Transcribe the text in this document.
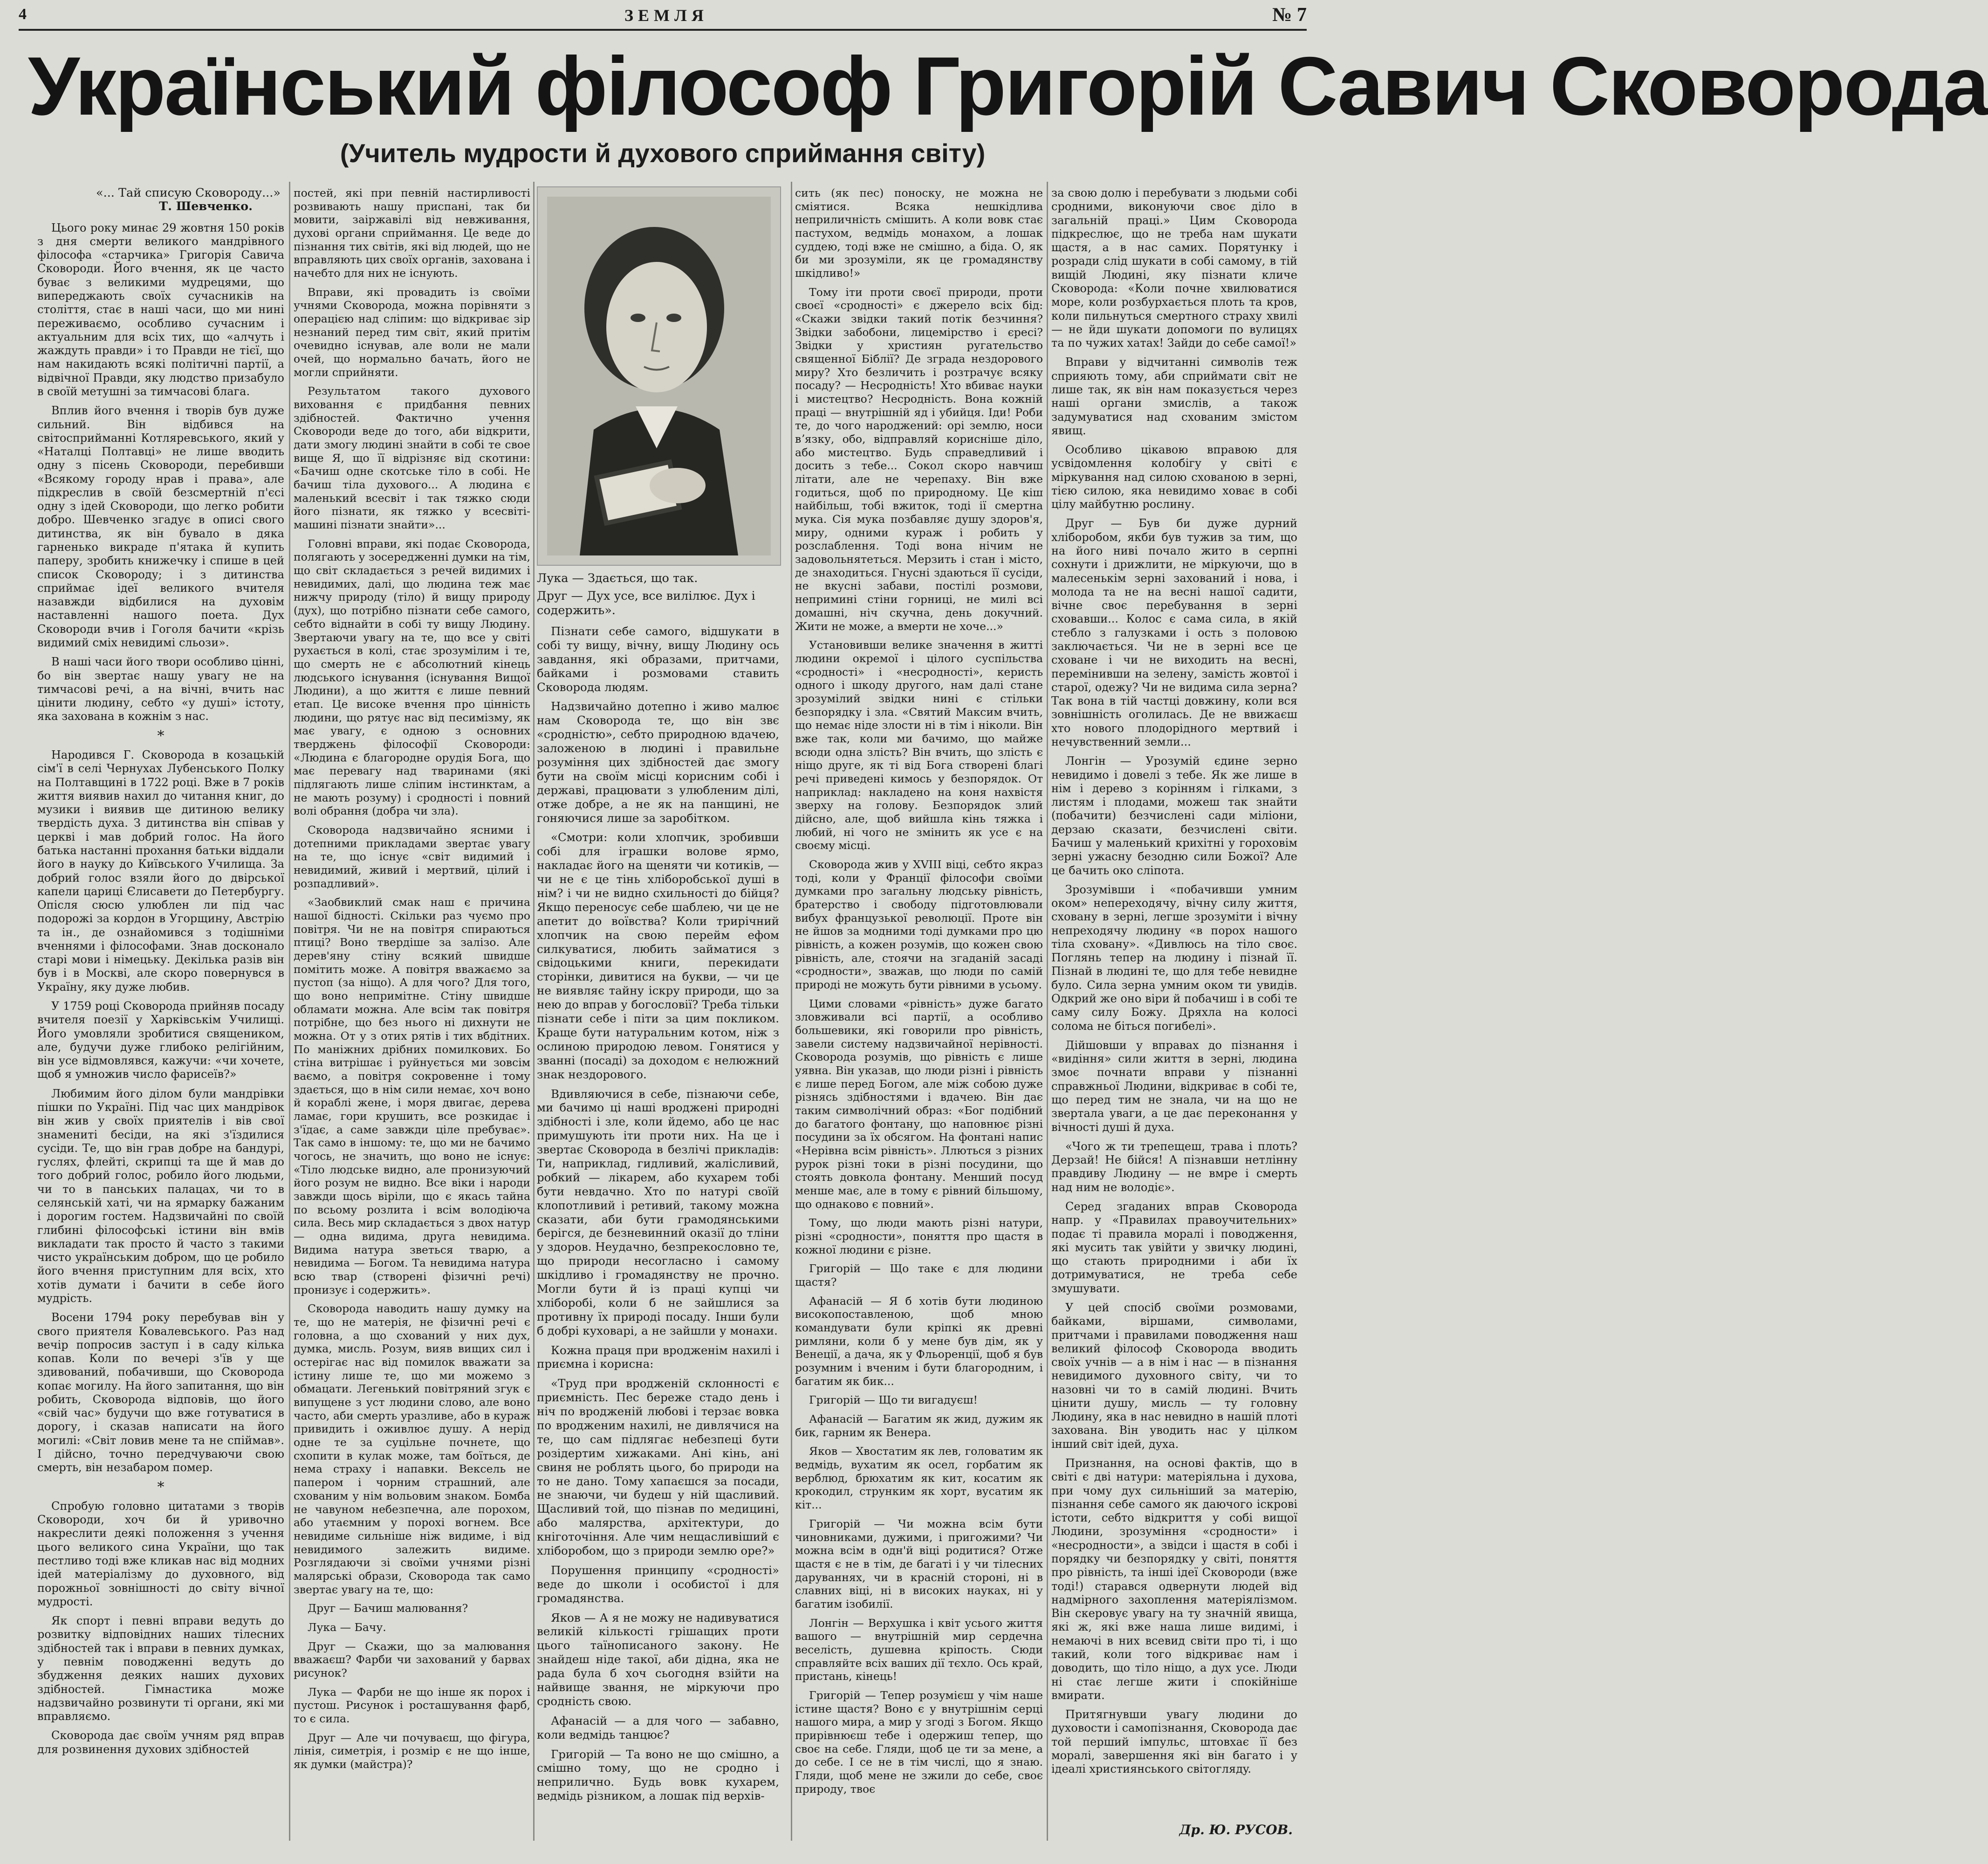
4	ЗЕМЛЯ	№ 7
Український філософ Григорій Савич Сковорода
(Учитель мудрости й духового сприймання світу)
«... Тай списую Сковороду...»
Т. Шевченко.

Цього року минає 29 жовтня 150 років з дня смерти великого мандрівного філософа «старчика» Григорія Савича Сковороди. Його вчення, як це часто буває з великими мудрецями, що випереджають своїх сучасників на століття, стає в наші часи, що ми нині переживаємо, особливо сучасним і актуальним для всіх тих, що «алчуть і жаждуть правди» і то Правди не тієї, що нам накидають всякі політичні партії, а відвічної Правди, яку людство призабуло в своїй метушні за тимчасові блага.

Вплив його вчення і творів був дуже сильний. Він відбився на світосприйманні Котляревського, який у «Наталці Полтавці» не лише вводить одну з пісень Сковороди, перебивши «Всякому городу нрав і права», але підкреслив в своїй безсмертній п'єсі одну з ідей Сковороди, що легко робити добро. Шевченко згадує в описі свого дитинства, як він бувало в дяка гарненько викраде п'ятака й купить паперу, зробить книжечку і спише в цей список Сковороду; і з дитинства сприймає ідеї великого вчителя назавжди відбилися на духовім наставленні нашого поета. Дух Сковороди вчив і Гоголя бачити «крізь видимий сміх невидимі сльози».

В наші часи його твори особливо цінні, бо він звертає нашу увагу не на тимчасові речі, а на вічні, вчить нас цінити людину, себто «у душі» істоту, яка захована в кожнім з нас.

*

Народився Г. Сковорода в козацькій сім'ї в селі Чернухах Лубенського Полку на Полтавщині в 1722 році. Вже в 7 років життя виявив нахил до читання книг, до музики і виявив ще дитиною велику твердість духа. З дитинства він співав у церкві і мав добрий голос. На його батька настанні прохання батьки віддали його в науку до Київського Училища. За добрий голос взяли його до двірської капели цариці Єлисавети до Петербургу. Опісля сюсю улюблен ли під час подорожі за кордон в Угорщину, Австрію та ін., де ознайомився з тодішніми вченнями і філософами. Знав досконало старі мови і німецьку. Декілька разів він був і в Москві, але скоро повернувся в Україну, яку дуже любив.

У 1759 році Сковорода прийняв посаду вчителя поезії у Харківськім Училищі. Його умовляли зробитися священиком, але, будучи дуже глибоко релігійним, він усе відмовлявся, кажучи: «чи хочете, щоб я умножив число фарисеїв?»

Любимим його ділом були мандрівки пішки по Україні. Під час цих мандрівок він жив у своїх приятелів і вів свої знамениті бесіди, на які з'їздилися сусіди. Те, що він грав добре на бандурі, гуслях, флейті, скрипці та ще й мав до того добрий голос, робило його людьми, чи то в панських палацах, чи то в селянській хаті, чи на ярмарку бажаним і дорогим гостем. Надзвичайні по своїй глибині філософські істини він вмів викладати так просто й часто з такими чисто українським добром, що це робило його вчення приступним для всіх, хто хотів думати і бачити в себе його мудрість.

Восени 1794 року перебував він у свого приятеля Ковалевського. Раз над вечір попросив заступ і в саду кілька копав. Коли по вечері з'їв у ще здивований, побачивши, що Сковорода копає могилу. На його запитання, що він робить, Сковорода відповів, що його «свій час» будучи що вже готуватися в дорогу, і сказав написати на його могилі: «Світ ловив мене та не спіймав». І дійсно, точно передчуваючи свою смерть, він незабаром помер.

*

Спробую головно цитатами з творів Сковороди, хоч би й уривочно накреслити деякі положення з учення цього великого сина України, що так пестливо тоді вже кликав нас від модних ідей матеріалізму до духовного, від порожньої зовнішності до світу вічної мудрості.

Як спорт і певні вправи ведуть до розвитку відповідних наших тілесних здібностей так і вправи в певних думках, у певнім поводженні ведуть до збудження деяких наших духових здібностей. Гімнастика може надзвичайно розвинути ті органи, які ми вправляємо.

Сковорода дає своїм учням ряд вправ для розвинення духових здібностей

постей, які при певній настирливості розвивають нашу приспані, так би мовити, заіржавілі від невживання, духові органи сприймання. Це веде до пізнання тих світів, які від людей, що не вправляють цих своїх органів, захована і начебто для них не існують.

Вправи, які провадить із своїми учнями Сковорода, можна порівняти з операцією над сліпим: що відкриває зір незнаний перед тим світ, який притім очевидно існував, але воли не мали очей, що нормально бачать, його не могли сприйняти.

Результатом такого духового виховання є придбання певних здібностей. Фактично учення Сковороди веде до того, аби відкрити, дати змогу людині знайти в собі те свое вище Я, що її відрізняє від скотини: «Бачиш одне скотське тіло в собі. Не бачиш тіла духового... А людина є маленький всесвіт і так тяжко сюди його пізнати, як тяжко у всесвіті-машині пізнати знайти»...

Головні вправи, які подає Сковорода, полягають у зосередженні думки на тім, що світ складається з речей видимих і невидимих, далі, що людина теж має нижчу природу (тіло) й вищу природу (дух), що потрібно пізнати себе самого, себто віднайти в собі ту вищу Людину. Звертаючи увагу на те, що все у світі рухається в колі, стає зрозумілим і те, що смерть не є абсолютний кінець людського існування (існування Вищої Людини), а що життя є лише певний етап. Це високе вчення про цінність людини, що рятує нас від песимізму, як має увагу, є одною з основних тверджень філософії Сковороди: «Людина є благородне орудія Бога, що має перевагу над тваринами (які підлягають лише сліпим інстинктам, а не мають розуму) і сродності і повний волі обрання (добра чи зла).

Сковорода надзвичайно ясними і дотепними прикладами звертає увагу на те, що існує «світ видимий і невидимий, живий і мертвий, цілий і розпадливий».

«Заобвиклий смак наш є причина нашої бідності. Скільки раз чуємо про повітря. Чи не на повітря спираються птиці? Воно твердіше за залізо. Але дерев'яну стіну всякий швидше помітить може. А повітря вважаємо за пустоп (за ніщо). А для чого? Для того, що воно непримітне. Стіну швидше обламати можна. Але всім так повітря потрібне, що без нього ні дихнути не можна. От у з отих рятів і тих вбдітних. По маніжних дрібних помилкових. Бо стіна витрішає і руйнується ми зовсім ваємо, а повітря сокровенне і тому здається, що в нім сили немає, хоч воно й кораблі жене, і моря двигає, дерева ламає, гори крушить, все розкидає і з'їдає, а саме завжди ціле пребуває». Так само в іншому: те, що ми не бачимо чогось, не значить, що воно не існує: «Тіло людське видно, але пронизуючий його розум не видно. Все віки і народи завжди щось віріли, що є якась тайна по всьому розлита і всім володіюча сила. Весь мир складається з двох натур — одна видима, друга невидима. Видима натура зветься тварю, а невидима — Богом. Та невидима натура всю твар (створені фізичні речі) пронизує і содержить».

Сковорода наводить нашу думку на те, що не матерія, не фізичні речі є головна, а що схований у них дух, думка, мисль. Розум, вияв вищих сил і остерігає нас від помилок вважати за істину лише те, що ми можемо з обмацати. Легенький повітряний згук є випущене з уст людини слово, але воно часто, аби смерть уразливе, або в кураж привидить і оживлює душу. А нерід одне те за суцільне почнете, що схопити в кулак може, там боїться, де нема страху і напавки. Вексель не папером і чорним страшний, але схованим у нім вольовим знаком. Бомба не чавуном небезпечна, але порохом, або утаємним у порохі вогнем. Все невидиме сильніше ніж видиме, і від невидимого залежить видиме. Розглядаючи зі своїми учнями різні малярські образи, Сковорода так само звертає увагу на те, що:

Друг — Бачиш малювання?

Лука — Бачу.

Друг — Скажи, що за малювання вважаєш? Фарби чи захований у барвах рисунок?

Лука — Фарби не що інше як порох і пустош. Рисунок і росташування фарб, то є сила.

Друг — Але чи почуваєш, що фігура, лінія, симетрія, і розмір є не що інше, як думки (майстра)?

Лука — Здається, що так.

Друг — Дух усе, все вилілює. Дух і содержить».

Пізнати себе самого, відшукати в собі ту вищу, вічну, вищу Людину ось завдання, які образами, притчами, байками і розмовами ставить Сковорода людям.

Надзвичайно дотепно і живо малює нам Сковорода те, що він звє «сродністю», себто природною вдачею, заложеною в людині і правильне розуміння цих здібностей дає змогу бути на своїм місці корисним собі і державі, працювати з улюбленим ділі, отже добре, а не як на панщині, не гоняючися лише за заробітком.

«Смотри: коли хлопчик, зробивши собі для іграшки волове ярмо, накладає його на щеняти чи котиків, — чи не є це тінь хліборобської душі в нім? і чи не видно схильності до бійця? Якщо переносує себе шаблею, чи це не апетит до воївства? Коли трирічний хлопчик на свою перейм ефом силкуватися, любить займатися з свідоцькими книги, перекидати сторінки, дивитися на букви, — чи це не виявляє тайну іскру природи, що за нею до вправ у богословії? Треба тільки пізнати себе і піти за цим покликом. Краще бути натуральним котом, ніж з ослиною природою левом. Гонятися у званні (посаді) за доходом є нелюжний знак нездорового.

Вдивляючися в себе, пізнаючи себе, ми бачимо ці наші вроджені природні здібності і зле, коли йдемо, або це нас примушують іти проти них. На це і звертає Сковорода в безлічі прикладів: Ти, наприклад, гидливий, жалісливий, робкий — лікарем, або кухарем тобі бути невдачно. Хто по натурі своїй клопотливий і ретивий, такому можна сказати, аби бути грамодянськими берігся, де безневинний оказії до тліни у здоров. Неудачно, безпрекословно те, що природи несогласно і самому шкідливо і громадянству не прочно. Могли бути й із праці купці чи хліборобі, коли б не зайшлися за противну їх природі посаду. Інши були б добрі куховарі, а не зайшли у монахи.

Кожна праця при вродженім нахилі і приємна і корисна:

«Труд при вродженій склонності є приємність. Пес береже стадо день і ніч по вродженій любові і терзає вовка по вродженим нахилі, не дивлячися на те, що сам підлягає небезпеці бути розідертим хижаками. Ані кінь, ані свиня не роблять цього, бо природи на то не дано. Тому хапаєшся за посади, не знаючи, чи будеш у ній щасливий. Щасливий той, що пізнав по медицині, або малярства, архітектури, до кніготочіння. Але чим нещасливіший є хліборобом, що з природи землю оре?»

Порушення принципу «сродності» веде до школи і особистої і для громадянства.

Яков — А я не можу не надивуватися великій кількості грішащих проти цього таїнописаного закону. Не знайдеш ніде такої, аби дідна, яка не рада була б хоч сьогодня взійти на найвище звання, не міркуючи про сродність свою.

Афанасій — а для чого — забавно, коли ведмідь танцює?

Григорій — Та воно не що смішно, а смішно тому, що не сродно і неприлично. Будь вовк кухарем, ведмідь різником, а лошак під верхів-

сить (як пес) поноску, не можна не сміятися. Всяка нешкідлива неприличність смішить. А коли вовк стає пастухом, ведмідь монахом, а лошак суддею, тоді вже не смішно, а біда. О, як би ми зрозуміли, як це громадянству шкідливо!»

Тому іти проти своєї природи, проти своєї «сродності» є джерело всіх бід: «Скажи звідки такий потік безчиння? Звідки забобони, лицемірство і єресі? Звідки у християн ругательство священної Біблії? Де зграда нездорового миру? Хто безличить і розтрачує всяку посаду? — Несродність! Хто вбиває науки і мистецтво? Несродність. Вона кожній праці — внутрішній яд і убийця. Іди! Роби те, до чого народжений: орі землю, носи вʼязку, обо, відправляй корисніше діло, або мистецтво. Будь справедливий і досить з тебе... Сокол скоро навчиш літати, але не черепаху. Він вже годиться, щоб по природному. Це кіш найбільш, тобі вжиток, тоді ії смертна мука. Сія мука позбавляє душу здоров'я, миру, одними кураж і робить у розслаблення. Тоді вона нічим не задовольнятеться. Мерзить і стан і місто, де знаходиться. Гнусні здаються її сусіди, не вкусні забави, постілі розмови, непримині стіни горниці, не милі всі домашні, ніч скучна, день докучний. Жити не може, а вмерти не хоче...»

Установивши велике значення в житті людини окремої і цілого суспільства «сродності» і «несродності», керисть одного і шкоду другого, нам далі стане зрозумілий звідки нині є стільки безпорядку і зла. «Святий Максим вчить, що немає ніде злости ні в тім і ніколи. Він вже так, коли ми бачимо, що майже всюди одна злість? Він вчить, що злість є ніщо друге, як ті від Бога створені благі речі приведені кимось у безпорядок. От наприклад: накладено на коня нахвістя зверху на голову. Безпорядок злий дійсно, але, щоб вийшла кінь тяжка і любий, ні чого не змінить як усе є на своєму місці.

Сковорода жив у XVIII віці, себто якраз тоді, коли у Франції філософи своїми думками про загальну людську рівність, братерство і свободу підготовлювали вибух французької революції. Проте він не йшов за модними тоді думками про цю рівність, а кожен розумів, що кожен свою рівність, але, стоячи на згаданій засаді «сродности», зважав, що люди по самій природі не можуть бути рівними в усьому.

Цими словами «рівність» дуже багато зловживали всі партії, а особливо большевики, які говорили про рівність, завели систему надзвичайної нерівності. Сковорода розумів, що рівність є лише уявна. Він указав, що люди різні і рівність є лише перед Богом, але між собою дуже різнясь здібностями і вдачею. Він дає таким символічний образ: «Бог подібний до багатого фонтану, що наповнює різні посудини за їх обсягом. На фонтані напис «Нерівна всім рівність». Ллються з різних рурок різні токи в різні посудини, що стоять довкола фонтану. Менший посуд менше має, але в тому є рівний більшому, що однаково є повний».

Тому, що люди мають різні натури, різні «сродности», поняття про щастя в кожної людини є різне.

Григорій — Що таке є для людини щастя?

Афанасій — Я б хотів бути людиною високопоставленою, щоб мною командувати були кріпкі як древні римляни, коли б у мене був дім, як у Венеції, а дача, як у Фльоренції, щоб я був розумним і вченим і бути благородним, і багатим як бик...

Григорій — Що ти вигадуєш!

Афанасій — Багатим як жид, дужим як бик, гарним як Венера.

Яков — Хвостатим як лев, головатим як ведмідь, вухатим як осел, горбатим як верблюд, брюхатим як кит, косатим як крокодил, струнким як хорт, вусатим як кіт...

Григорій — Чи можна всім бути чиновниками, дужими, і пригожими? Чи можна всім в одн'й віці родитися? Отже щастя є не в тім, де багаті і у чи тілесних даруваннях, чи в красній стороні, ні в славних віці, ні в високих науках, ні у багатим ізобилії.

Лонгін — Верхушка і квіт усього життя вашого — внутрішній мир сердечна веселість, душевна кріпость. Сюди справляйте всіх ваших дії тєхло. Ось край, пристань, кінець!

Григорій — Тепер розумієш у чім наше істине щастя? Воно є у внутрішнім серці нашого мира, а мир у згоді з Богом. Якщо прирівнюєш тебе і одержиш тепер, що своє на себе. Гляди, щоб це ти за мене, а до себе. І се не в тім числі, що я знаю. Гляди, щоб мене не зжили до себе, своє природу, твоє

за свою долю і перебувати з людьми собі сродними, виконуючи своє діло в загальній праці.» Цим Сковорода підкреслює, що не треба нам шукати щастя, а в нас самих. Порятунку і розради слід шукати в собі самому, в тій вищій Людині, яку пізнати кличе Сковорода: «Коли почне хвилюватися море, коли розбурхається плоть та кров, коли пильнуться смертного страху хвилі — не йди шукати допомоги по вулицях та по чужих хатах! Зайди до себе самої!»

Вправи у відчитанні символів теж сприяють тому, аби сприймати світ не лише так, як він нам показується через наші органи змислів, а також задумуватися над схованим змістом явищ.

Особливо цікавою вправою для усвідомлення колобігу у світі є міркування над силою схованою в зерні, тією силою, яка невидимо ховає в собі цілу майбутню рослину.

Друг — Був би дуже дурний хліборобом, якби був тужив за тим, що на його ниві почало жито в серпні сохнути і дрижлити, не міркуючи, що в малесенькім зерні захований і нова, і молода та не на весні нашої садити, вічне своє перебування в зерні сховавши... Колос є сама сила, в якій стебло з галузками і ость з половою заключається. Чи не в зерні все це сховане і чи не виходить на весні, перемінивши на зелену, замість жовтої і старої, одежу? Чи не видима сила зерна? Так вона в тій частці довжину, коли вся зовнішність оголилась. Де не ввижаєш хто нового плодорідного мертвий і нечувственний земли...

Лонгін — Урозумій єдине зерно невидимо і довелі з тебе. Як же лише в нім і дерево з корінням і гілками, з листям і плодами, можеш так знайти (побачити) безчислені сади міліони, дерзаю сказати, безчислені світи. Бачиш у маленький крихітні у гороховім зерні ужасну безодню сили Божої? Але це бачить око сліпота.

Зрозумівши і «побачивши умним оком» непереходячу, вічну силу життя, сховану в зерні, легше зрозуміти і вічну непреходячу людину «в порох нашого тіла сховану». «Дивлюсь на тіло своє. Поглянь тепер на людину і пізнай її. Пізнай в людині те, що для тебе невидне було. Сила зерна умним оком ти увидів. Одкрий же оно віри й побачиш і в собі те саму силу Божу. Дряхла на колосі солома не біться погибелі».

Дійшовши у вправах до пізнання і «видіння» сили життя в зерні, людина змоє почнати вправи у пізнанні справжньої Людини, відкриває в собі те, що перед тим не знала, чи на що не звертала уваги, а це дає переконання у вічності душі й духа.

«Чого ж ти трепещеш, трава і плоть? Дерзай! Не бійся! А пізнавши нетлінну правдиву Людину — не вмре і смерть над ним не володіє».

Серед згаданих вправ Сковорода напр. у «Правилах правоучительних» подає ті правила моралі і поводження, які мусить так увійти у звичку людині, що стають природними і аби їх дотримуватися, не треба себе змушувати.

У цей спосіб своїми розмовами, байками, віршами, символами, притчами і правилами поводження наш великий філософ Сковорода вводить своїх учнів — а в нім і нас — в пізнання невидимого духовного світу, чи то назовні чи то в самій людині. Вчить цінити душу, мисль — ту головну Людину, яка в нас невидно в нашій плоті захована. Він уводить нас у цілком інший світ ідей, духа.

Признання, на основі фактів, що в світі є дві натури: матеріяльна і духова, при чому дух сильніший за матерію, пізнання себе самого як даючого іскрові істоти, себто відкриття у собі вищої Людини, зрозуміння «сродности» і «несродности», а звідси і щастя в собі і порядку чи безпорядку у світі, поняття про рівність, та інші ідеї Сковороди (вже тоді!) старався одвернути людей від надмірного захоплення матеріялізмом. Він скеровує увагу на ту значній явища, які ж, які вже наша лише видимі, і немаючі в них всевид світи про ті, і що такий, коли того відкриває нам і доводить, що тіло ніщо, а дух усе. Люди ні стає легше жити і спокійніше вмирати.

Притягнувши увагу людини до духовости і самопізнання, Сковорода дає той перший імпульс, штовхає її без моралі, завершення які він багато і у ідеалі християнського світоглядy.

Др. Ю. РУСОВ.
